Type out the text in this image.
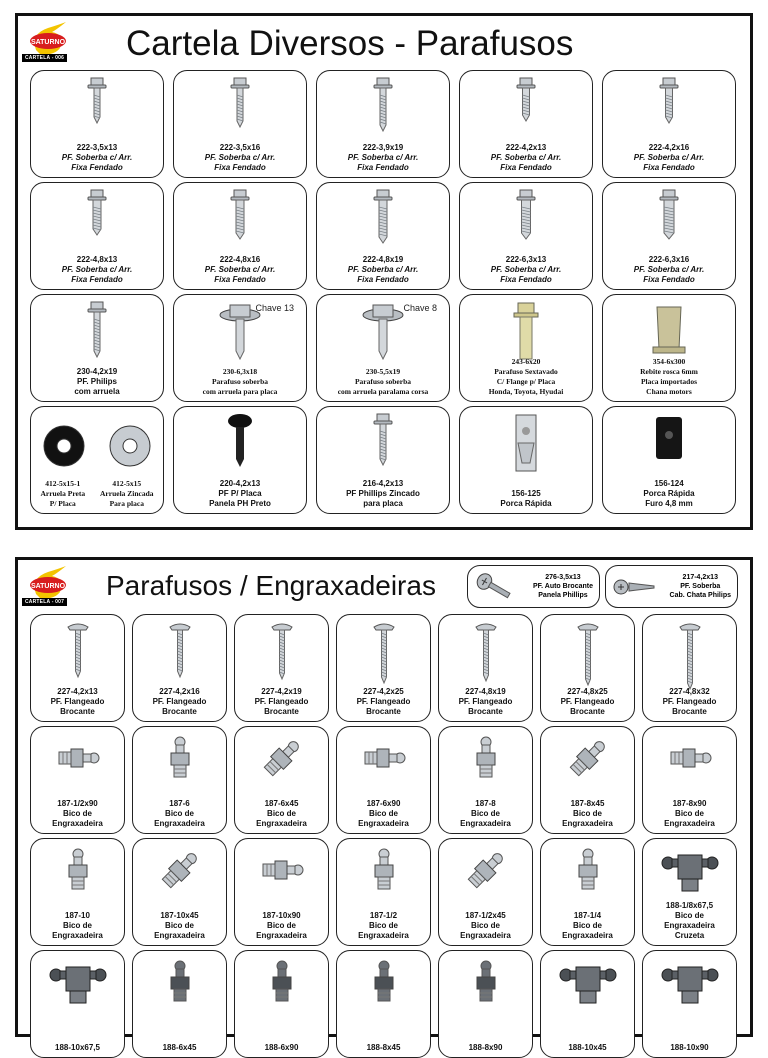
SATURNO
CARTELA - 006 Cartela Diversos - Parafusos
222-3,5x13
PF. Soberba c/ Arr.
Fixa Fendado
222-3,5x16
PF. Soberba c/ Arr.
Fixa Fendado
222-3,9x19
PF. Soberba c/ Arr.
Fixa Fendado
222-4,2x13
PF. Soberba c/ Arr.
Fixa Fendado
222-4,2x16
PF. Soberba c/ Arr.
Fixa Fendado
222-4,8x13
PF. Soberba c/ Arr.
Fixa Fendado
222-4,8x16
PF. Soberba c/ Arr.
Fixa Fendado
222-4,8x19
PF. Soberba c/ Arr.
Fixa Fendado
222-6,3x13
PF. Soberba c/ Arr.
Fixa Fendado
222-6,3x16
PF. Soberba c/ Arr.
Fixa Fendado
230-4,2x19
PF. Philips
com arruela
Chave 13
230-6,3x18
Parafuso soberba
com arruela para placa
Chave 8
230-5,5x19
Parafuso soberba
com arruela paralama corsa
243-6x20
Parafuso Sextavado
C/ Flange p/ Placa
Honda, Toyota, Hyudai
354-6x300
Rebite rosca 6mm
Placa importados
Chana motors
412-5x15-1
Arruela Preta
P/ Placa
412-5x15
Arruela Zincada
Para placa
220-4,2x13
PF P/ Placa
Panela PH Preto
216-4,2x13
PF Phillips Zincado
para placa
156-125
Porca Rápida
156-124
Porca Rápida
Furo 4,8 mm
SATURNO
CARTELA - 007
Parafusos / Engraxadeiras	276-3,5x13
PF. Auto Brocante
Panela Phillips
217-4,2x13
PF. Soberba
Cab. Chata Philips
227-4,2x13
PF. Flangeado
Brocante
227-4,2x16
PF. Flangeado
Brocante
227-4,2x19
PF. Flangeado
Brocante
227-4,2x25
PF. Flangeado
Brocante
227-4,8x19
PF. Flangeado
Brocante
227-4,8x25
PF. Flangeado
Brocante
227-4,8x32
PF. Flangeado
Brocante
187-1/2x90
Bico de
Engraxadeira
187-6
Bico de
Engraxadeira
187-6x45
Bico de
Engraxadeira
187-6x90
Bico de
Engraxadeira
187-8
Bico de
Engraxadeira
187-8x45
Bico de
Engraxadeira
187-8x90
Bico de
Engraxadeira
187-10
Bico de
Engraxadeira
187-10x45
Bico de
Engraxadeira
187-10x90
Bico de
Engraxadeira
187-1/2
Bico de
Engraxadeira
187-1/2x45
Bico de
Engraxadeira
187-1/4
Bico de
Engraxadeira
188-1/8x67,5
Bico de
Engraxadeira
Cruzeta
188-10x67,5	188-6x45	188-6x90	188-8x45	188-8x90	188-10x45	188-10x90
